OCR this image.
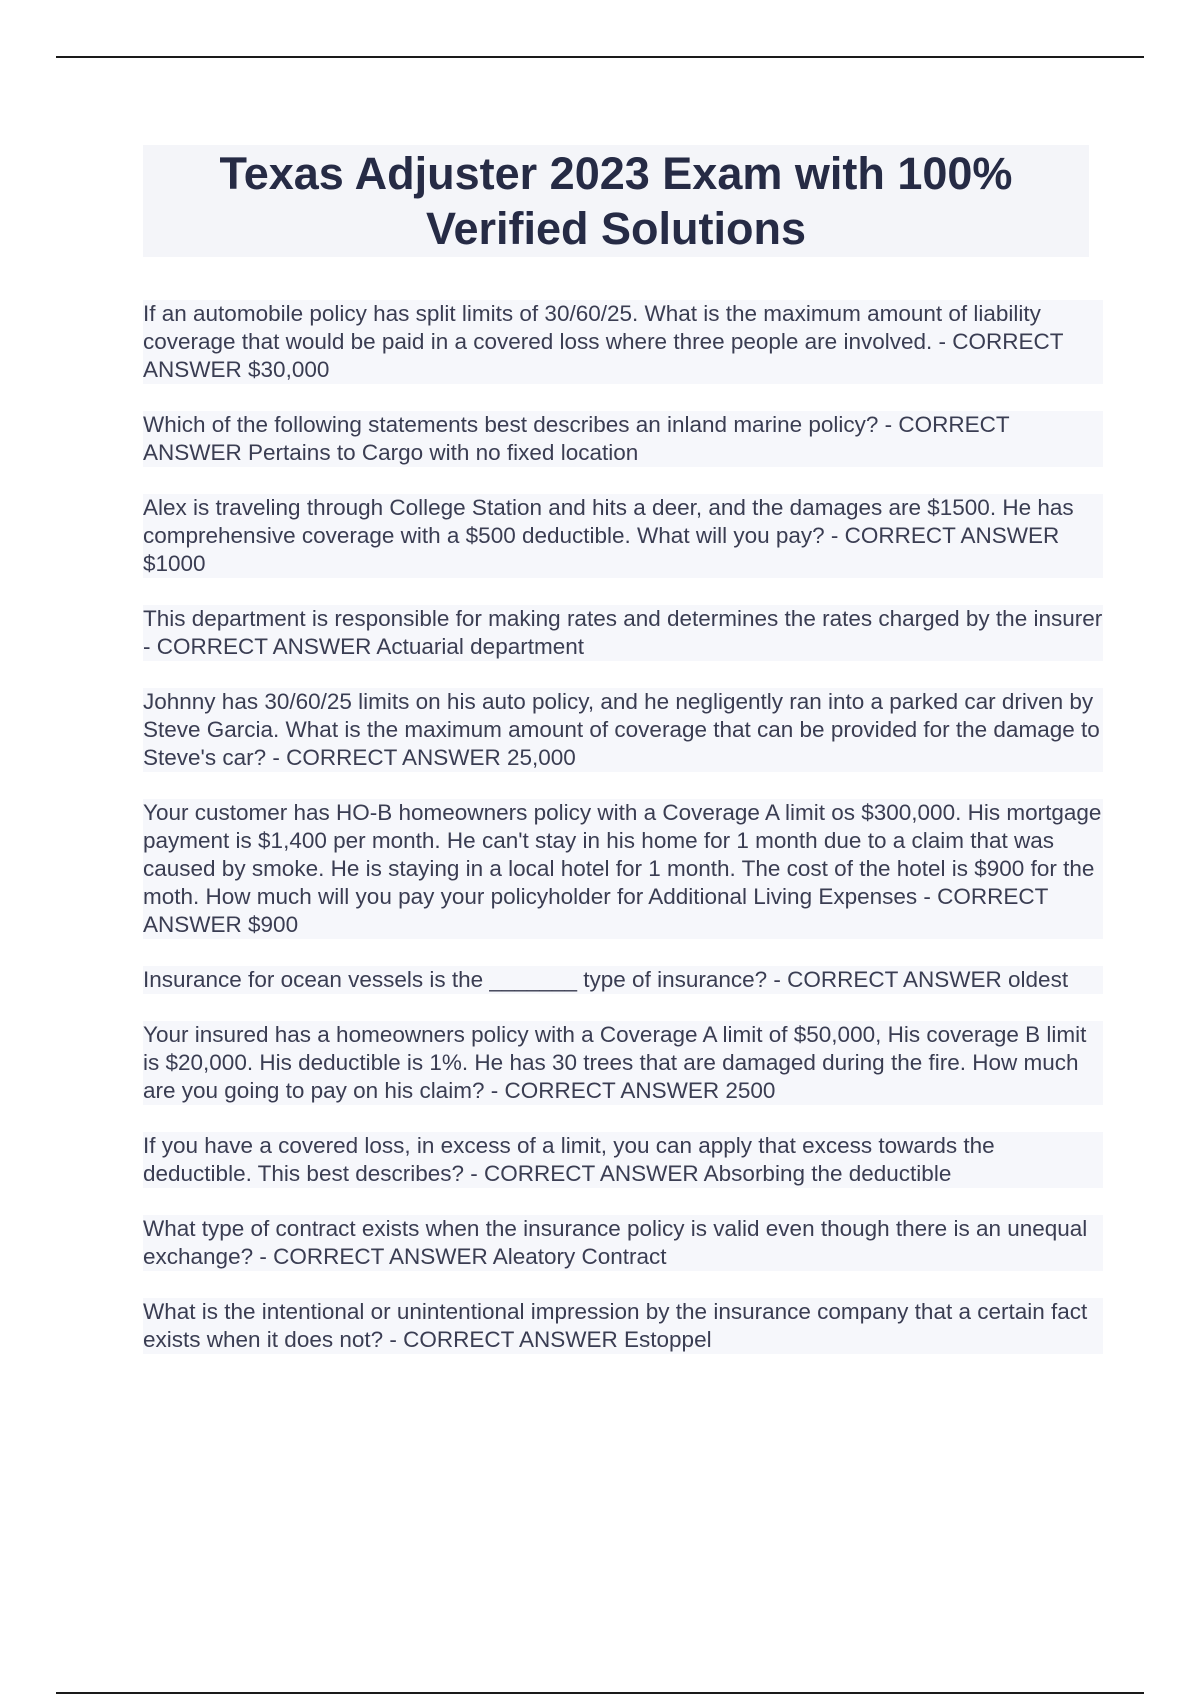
Texas Adjuster 2023 Exam with 100% Verified Solutions

If an automobile policy has split limits of 30/60/25. What is the maximum amount of liability coverage that would be paid in a covered loss where three people are involved. - CORRECT ANSWER $30,000

Which of the following statements best describes an inland marine policy? - CORRECT ANSWER Pertains to Cargo with no fixed location

Alex is traveling through College Station and hits a deer, and the damages are $1500. He has comprehensive coverage with a $500 deductible. What will you pay? - CORRECT ANSWER $1000

This department is responsible for making rates and determines the rates charged by the insurer - CORRECT ANSWER Actuarial department

Johnny has 30/60/25 limits on his auto policy, and he negligently ran into a parked car driven by Steve Garcia. What is the maximum amount of coverage that can be provided for the damage to Steve's car? - CORRECT ANSWER 25,000

Your customer has HO-B homeowners policy with a Coverage A limit os $300,000. His mortgage payment is $1,400 per month. He can't stay in his home for 1 month due to a claim that was caused by smoke. He is staying in a local hotel for 1 month. The cost of the hotel is $900 for the moth. How much will you pay your policyholder for Additional Living Expenses - CORRECT ANSWER $900

Insurance for ocean vessels is the _______ type of insurance? - CORRECT ANSWER oldest

Your insured has a homeowners policy with a Coverage A limit of $50,000, His coverage B limit is $20,000. His deductible is 1%. He has 30 trees that are damaged during the fire. How much are you going to pay on his claim? - CORRECT ANSWER 2500

If you have a covered loss, in excess of a limit, you can apply that excess towards the deductible. This best describes? - CORRECT ANSWER Absorbing the deductible

What type of contract exists when the insurance policy is valid even though there is an unequal exchange? - CORRECT ANSWER Aleatory Contract

What is the intentional or unintentional impression by the insurance company that a certain fact exists when it does not? - CORRECT ANSWER Estoppel
